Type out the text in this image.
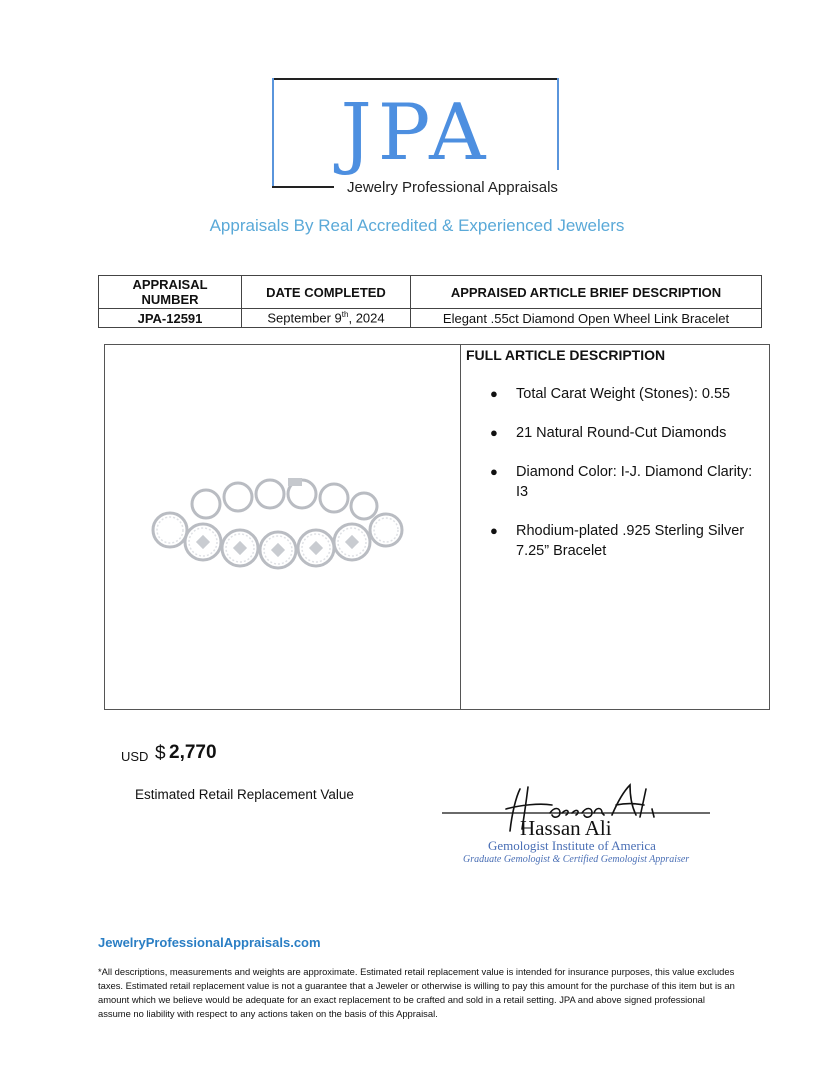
JPA
Jewelry Professional Appraisals
Appraisals By Real Accredited & Experienced Jewelers
APPRAISAL NUMBER	DATE COMPLETED	APPRAISED ARTICLE BRIEF DESCRIPTION
JPA-12591	September 9th, 2024	Elegant .55ct Diamond Open Wheel Link Bracelet
FULL ARTICLE DESCRIPTION
● Total Carat Weight (Stones): 0.55
● 21 Natural Round-Cut Diamonds
● Diamond Color: I-J. Diamond Clarity: I3
● Rhodium-plated .925 Sterling Silver 7.25” Bracelet
USD $ 2,770
Estimated Retail Replacement Value
Hassan Ali
Gemologist Institute of America
Graduate Gemologist & Certified Gemologist Appraiser
JewelryProfessionalAppraisals.com
*All descriptions, measurements and weights are approximate. Estimated retail replacement value is intended for insurance purposes, this value excludes taxes. Estimated retail replacement value is not a guarantee that a Jeweler or otherwise is willing to pay this amount for the purchase of this item but is an amount which we believe would be adequate for an exact replacement to be crafted and sold in a retail setting. JPA and above signed professional assume no liability with respect to any actions taken on the basis of this Appraisal.
